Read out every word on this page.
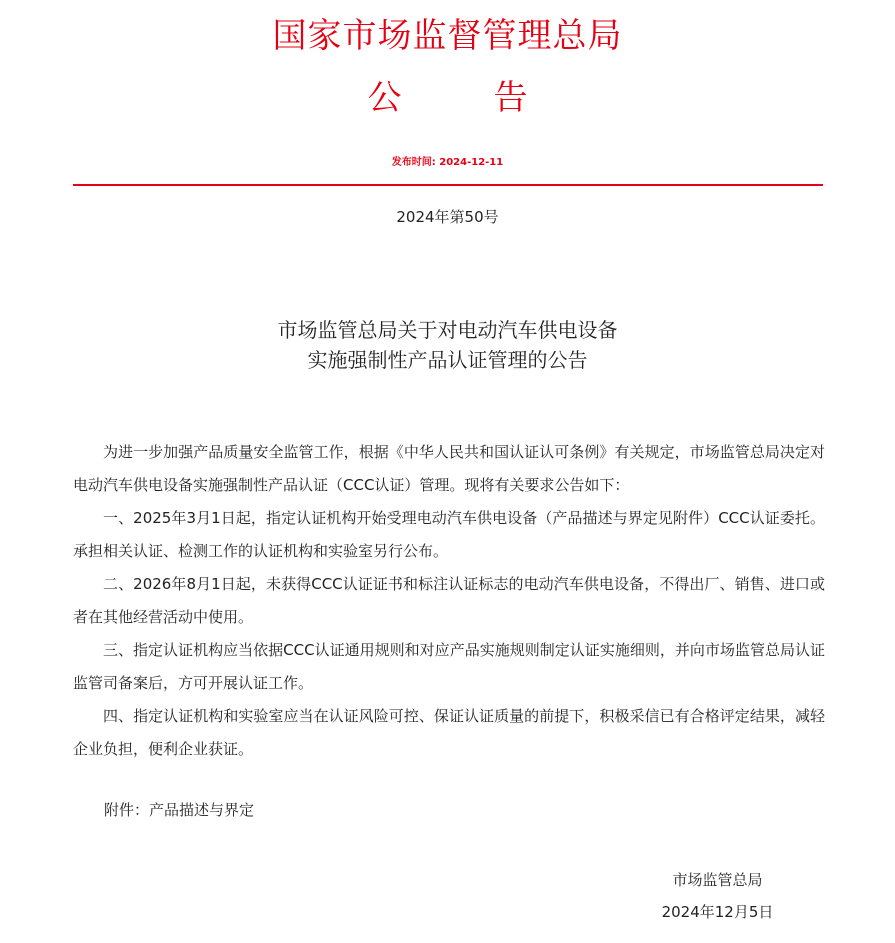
国家市场监督管理总局
公	告
发布时间: 2024-12-11
2024年第50号
市场监管总局关于对电动汽车供电设备
实施强制性产品认证管理的公告

为进一步加强产品质量安全监管工作，根据《中华人民共和国认证认可条例》有关规定，市场监管总局决定对电动汽车供电设备实施强制性产品认证（CCC认证）管理。现将有关要求公告如下：

一、2025年3月1日起，指定认证机构开始受理电动汽车供电设备（产品描述与界定见附件）CCC认证委托。承担相关认证、检测工作的认证机构和实验室另行公布。

二、2026年8月1日起，未获得CCC认证证书和标注认证标志的电动汽车供电设备，不得出厂、销售、进口或者在其他经营活动中使用。

三、指定认证机构应当依据CCC认证通用规则和对应产品实施规则制定认证实施细则，并向市场监管总局认证监管司备案后，方可开展认证工作。

四、指定认证机构和实验室应当在认证风险可控、保证认证质量的前提下，积极采信已有合格评定结果，减轻企业负担，便利企业获证。

附件：产品描述与界定
市场监管总局
2024年12月5日
